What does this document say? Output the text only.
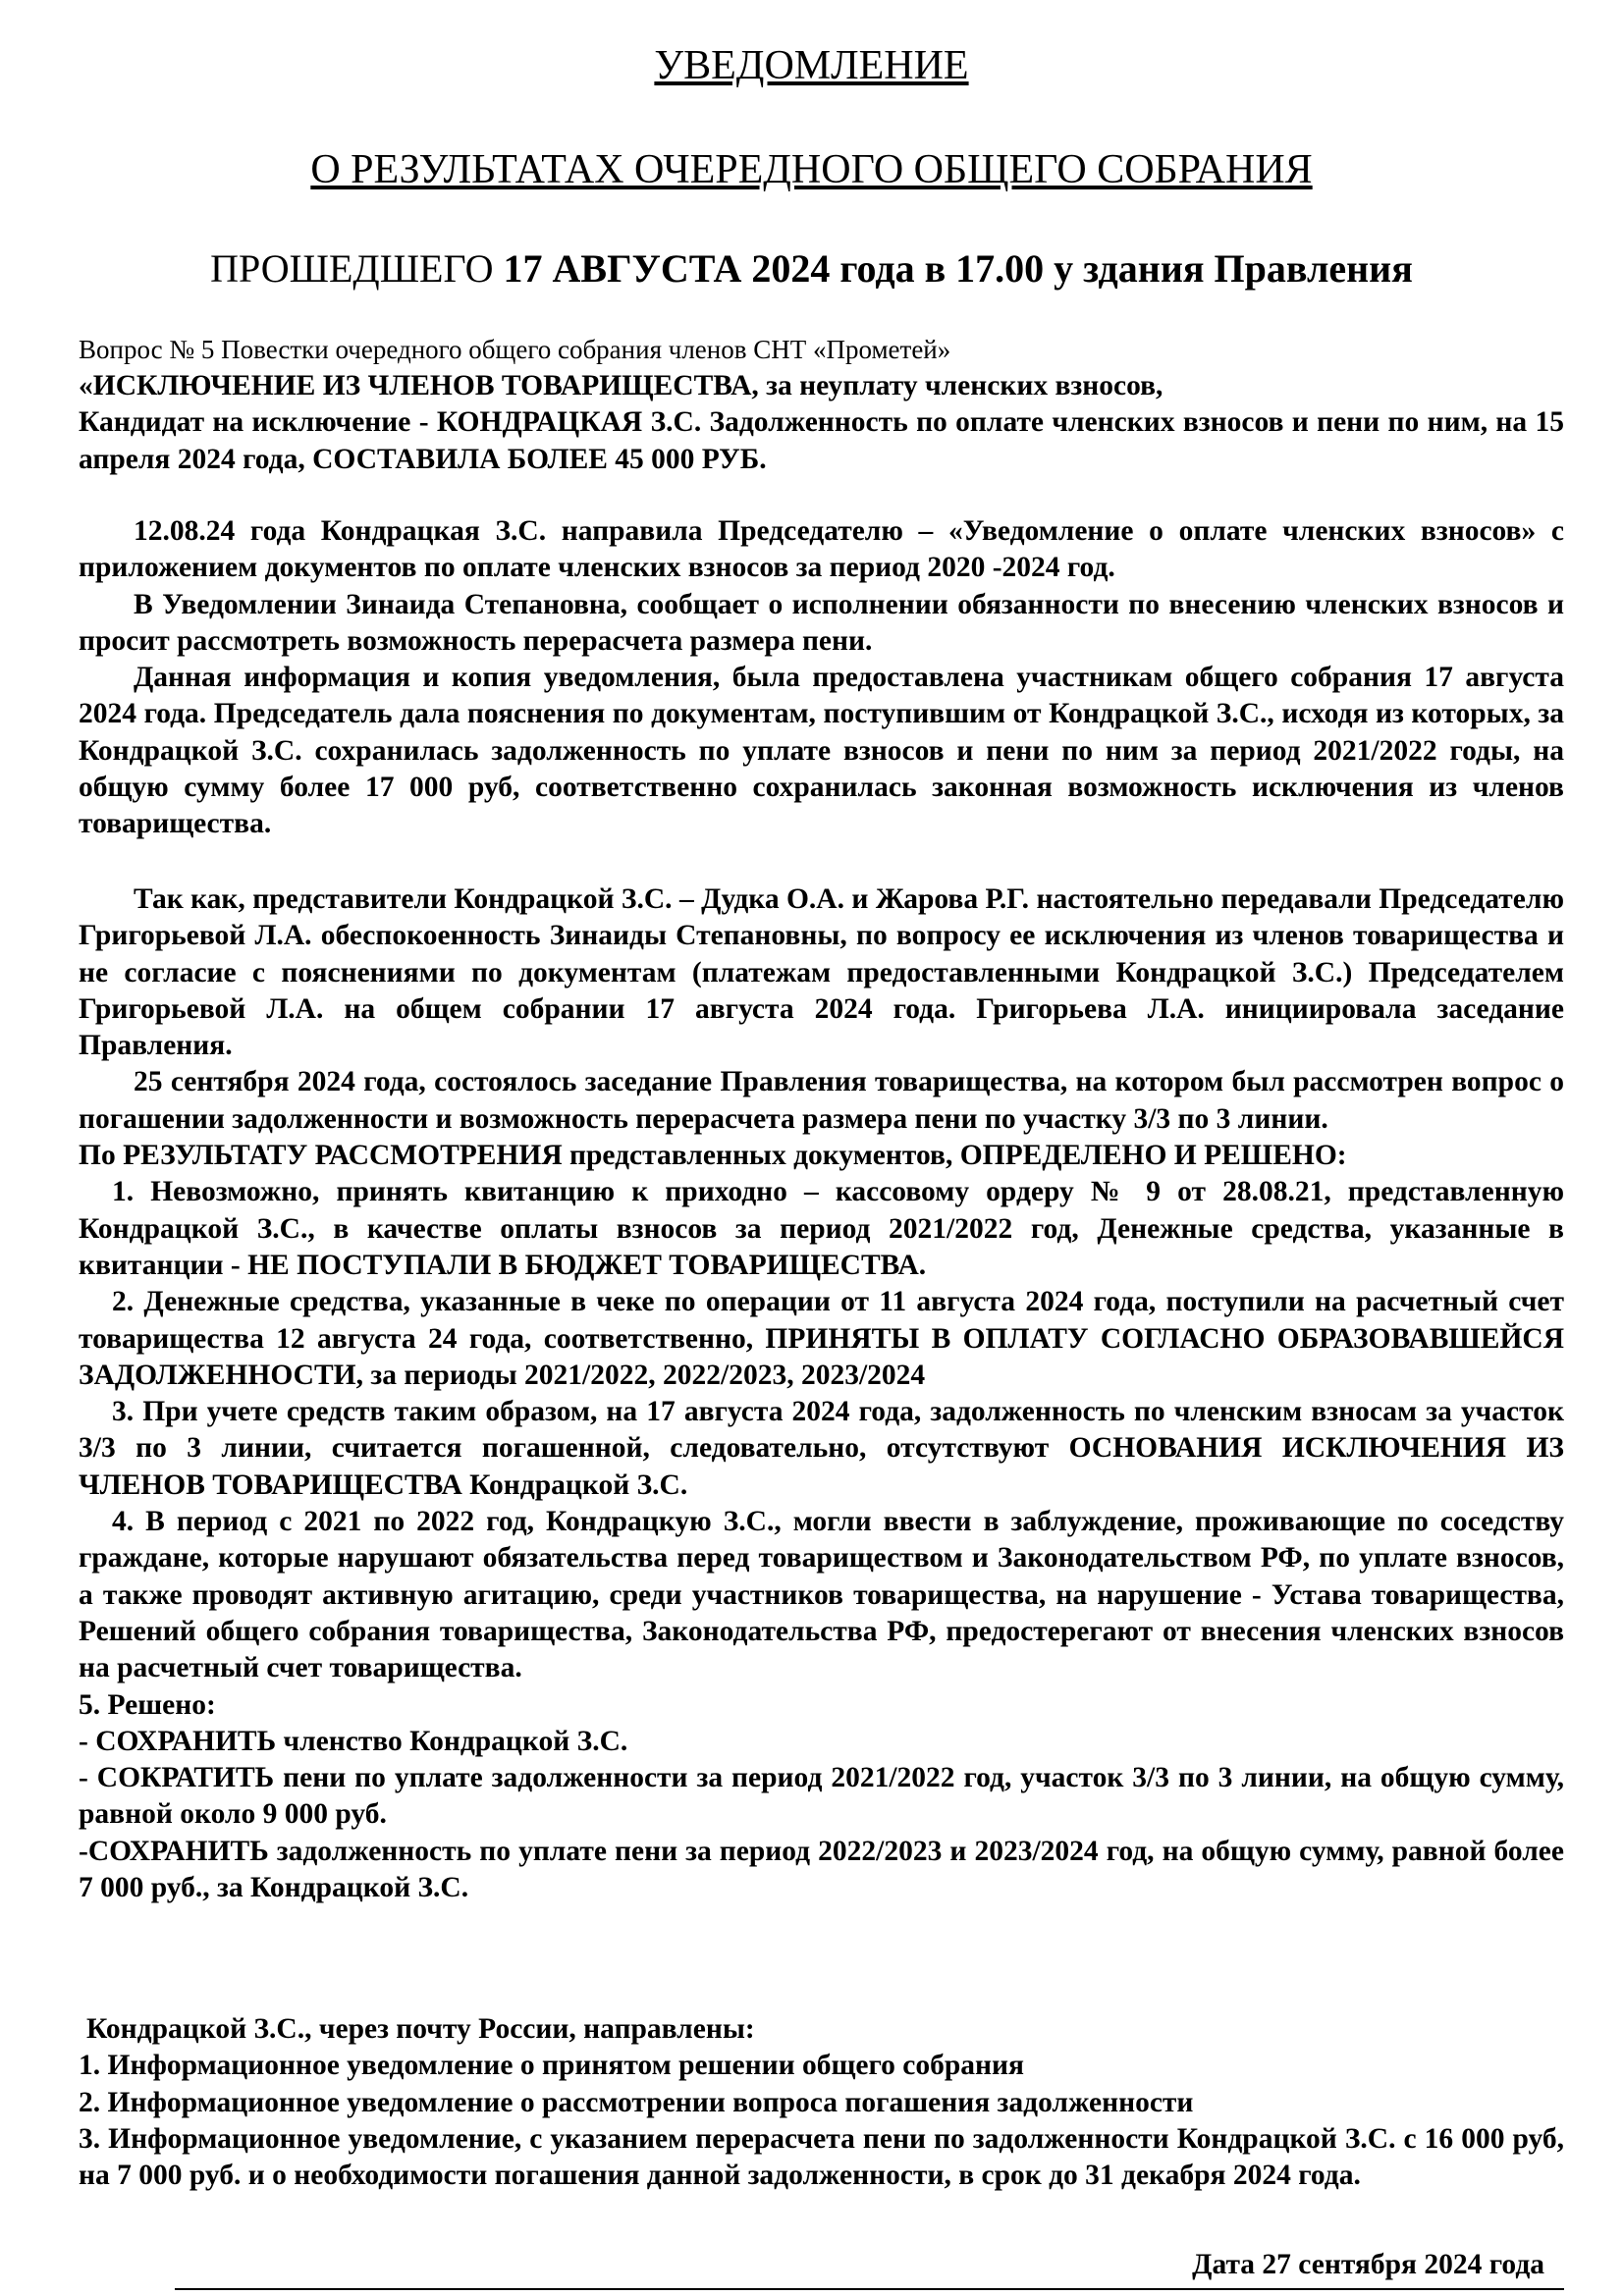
УВЕДОМЛЕНИЕ
О РЕЗУЛЬТАТАХ ОЧЕРЕДНОГО ОБЩЕГО СОБРАНИЯ
ПРОШЕДШЕГО 17 АВГУСТА 2024 года в 17.00 у здания Правления
Вопрос № 5 Повестки очередного общего собрания членов СНТ «Прометей»

«ИСКЛЮЧЕНИЕ ИЗ ЧЛЕНОВ ТОВАРИЩЕСТВА, за неуплату членских взносов,

Кандидат на исключение - КОНДРАЦКАЯ З.С. Задолженность по оплате членских взносов и пени по ним, на 15 апреля 2024 года, СОСТАВИЛА БОЛЕЕ 45 000 РУБ.

12.08.24 года Кондрацкая З.С. направила Председателю – «Уведомление о оплате членских взносов» с приложением документов по оплате членских взносов за период 2020 -2024 год.

В Уведомлении Зинаида Степановна, сообщает о исполнении обязанности по внесению членских взносов и просит рассмотреть возможность перерасчета размера пени.

Данная информация и копия уведомления, была предоставлена участникам общего собрания 17 августа 2024 года. Председатель дала пояснения по документам, поступившим от Кондрацкой З.С., исходя из которых, за Кондрацкой З.С. сохранилась задолженность по уплате взносов и пени по ним за период 2021/2022 годы, на общую сумму более 17 000 руб, соответственно сохранилась законная возможность исключения из членов товарищества.

Так как, представители Кондрацкой З.С. – Дудка О.А. и Жарова Р.Г. настоятельно передавали Председателю Григорьевой Л.А. обеспокоенность Зинаиды Степановны, по вопросу ее исключения из членов товарищества и не согласие с пояснениями по документам (платежам предоставленными Кондрацкой З.С.) Председателем Григорьевой Л.А. на общем собрании 17 августа 2024 года. Григорьева Л.А. инициировала заседание Правления.

25 сентября 2024 года, состоялось заседание Правления товарищества, на котором был рассмотрен вопрос о погашении задолженности и возможность перерасчета размера пени по участку 3/3 по 3 линии.

По РЕЗУЛЬТАТУ РАССМОТРЕНИЯ представленных документов, ОПРЕДЕЛЕНО И РЕШЕНО:

1. Невозможно, принять квитанцию к приходно – кассовому ордеру № 9 от 28.08.21, представленную Кондрацкой З.С., в качестве оплаты взносов за период 2021/2022 год, Денежные средства, указанные в квитанции - НЕ ПОСТУПАЛИ В БЮДЖЕТ ТОВАРИЩЕСТВА.

2. Денежные средства, указанные в чеке по операции от 11 августа 2024 года, поступили на расчетный счет товарищества 12 августа 24 года, соответственно, ПРИНЯТЫ В ОПЛАТУ СОГЛАСНО ОБРАЗОВАВШЕЙСЯ ЗАДОЛЖЕННОСТИ, за периоды 2021/2022, 2022/2023, 2023/2024

3. При учете средств таким образом, на 17 августа 2024 года, задолженность по членским взносам за участок 3/3 по 3 линии, считается погашенной, следовательно, отсутствуют ОСНОВАНИЯ ИСКЛЮЧЕНИЯ ИЗ ЧЛЕНОВ ТОВАРИЩЕСТВА Кондрацкой З.С.

4. В период с 2021 по 2022 год, Кондрацкую З.С., могли ввести в заблуждение, проживающие по соседству граждане, которые нарушают обязательства перед товариществом и Законодательством РФ, по уплате взносов, а также проводят активную агитацию, среди участников товарищества, на нарушение - Устава товарищества, Решений общего собрания товарищества, Законодательства РФ, предостерегают от внесения членских взносов на расчетный счет товарищества.

5. Решено:

- СОХРАНИТЬ членство Кондрацкой З.С.

- СОКРАТИТЬ пени по уплате задолженности за период 2021/2022 год, участок 3/3 по 3 линии, на общую сумму, равной около 9 000 руб.

-СОХРАНИТЬ задолженность по уплате пени за период 2022/2023 и 2023/2024 год, на общую сумму, равной более 7 000 руб., за Кондрацкой З.С.

Кондрацкой З.С., через почту России, направлены:

1. Информационное уведомление о принятом решении общего собрания

2. Информационное уведомление о рассмотрении вопроса погашения задолженности

3. Информационное уведомление, с указанием перерасчета пени по задолженности Кондрацкой З.С. с 16 000 руб, на 7 000 руб. и о необходимости погашения данной задолженности, в срок до 31 декабря 2024 года.

Дата 27 сентября 2024 года
